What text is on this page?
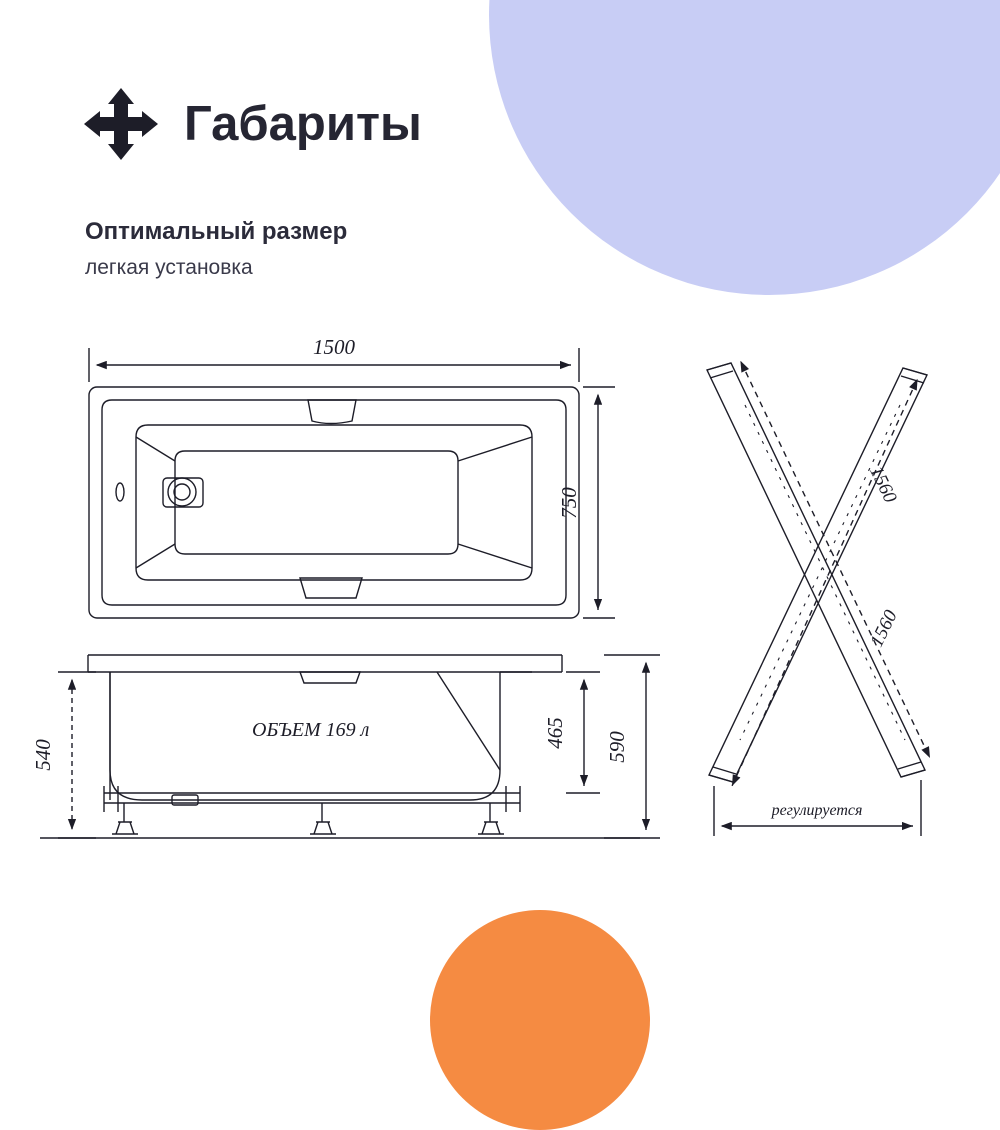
Габариты
Оптимальный размер
легкая установка
1500
750
ОБЪЕМ 169 л
540
465 590
1560
1560
регулируется
